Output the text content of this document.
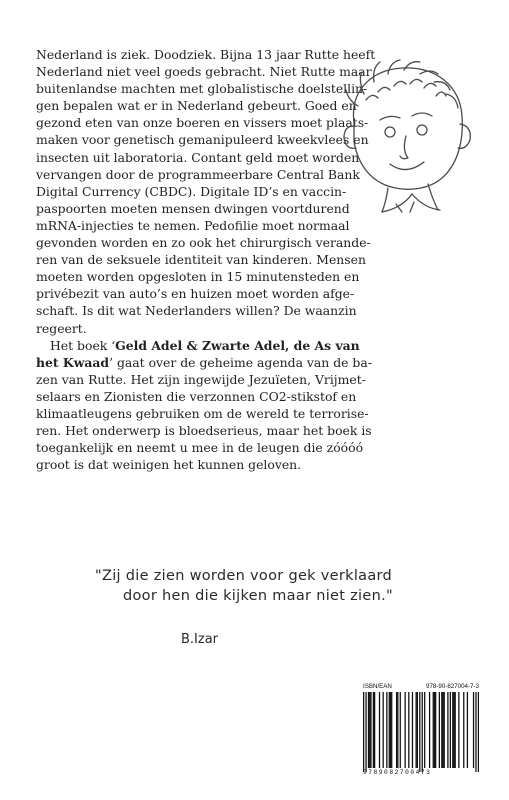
Nederland is ziek. Doodziek. Bijna 13 jaar Rutte heeft
Nederland niet veel goeds gebracht. Niet Rutte maar
buitenlandse machten met globalistische doelstellin-
gen bepalen wat er in Nederland gebeurt. Goed en
gezond eten van onze boeren en vissers moet plaats-
maken voor genetisch gemanipuleerd kweekvlees en
insecten uit laboratoria. Contant geld moet worden
vervangen door de programmeerbare Central Bank
Digital Currency (CBDC). Digitale ID’s en vaccin-
paspoorten moeten mensen dwingen voortdurend
mRNA-injecties te nemen. Pedofilie moet normaal
gevonden worden en zo ook het chirurgisch verande-
ren van de seksuele identiteit van kinderen. Mensen
moeten worden opgesloten in 15 minutensteden en
privébezit van auto’s en huizen moet worden afge-
schaft. Is dit wat Nederlanders willen? De waanzin
regeert.

Het boek ‘Geld Adel & Zwarte Adel, de As van
het Kwaad’ gaat over de geheime agenda van de ba-
zen van Rutte. Het zijn ingewijde Jezuïeten, Vrijmet-
selaars en Zionisten die verzonnen CO2-stikstof en
klimaatleugens gebruiken om de wereld te terrorise-
ren. Het onderwerp is bloedserieus, maar het boek is
toegankelijk en neemt u mee in de leugen die zóóóó
groot is dat weinigen het kunnen geloven.

"Zij die zien worden voor gek verklaard
door hen die kijken maar niet zien."
B.Izar
ISBN/EAN	978-90-827004-7-3
9789082700473
